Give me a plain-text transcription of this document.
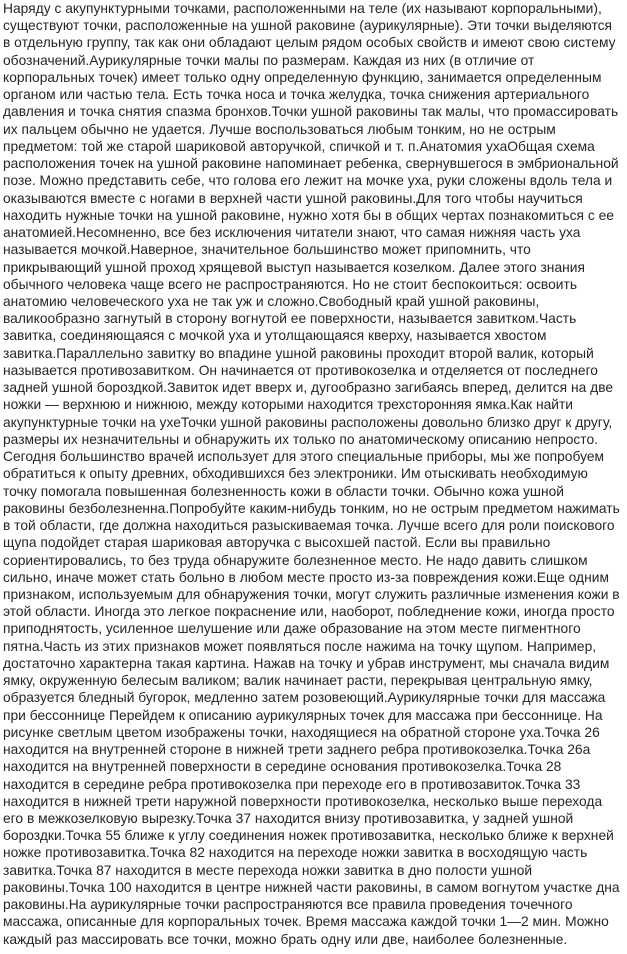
Наряду с акупунктурными точками, расположенными на теле (их называют корпоральными), существуют точки, расположенные на ушной раковине (аурикулярные). Эти точки выделяются в отдельную группу, так как они обладают целым рядом особых свойств и имеют свою систему обозначений.Аурикулярные точки малы по размерам. Каждая из них (в отличие от корпоральных точек) имеет только одну определенную функцию, занимается определенным органом или частью тела. Есть точка носа и точка желудка, точка снижения артериального давления и точка снятия спазма бронхов.Точки ушной раковины так малы, что промассировать их пальцем обычно не удается. Лучше воспользоваться любым тонким, но не острым предметом: той же старой шариковой авторучкой, спичкой и т. п.Анатомия ухаОбщая схема расположения точек на ушной раковине напоминает ребенка, свернувшегося в эмбриональной позе. Можно представить себе, что голова его лежит на мочке уха, руки сложены вдоль тела и оказываются вместе с ногами в верхней части ушной раковины.Для того чтобы научиться находить нужные точки на ушной раковине, нужно хотя бы в общих чертах познакомиться с ее анатомией.Несомненно, все без исключения читатели знают, что самая нижняя часть уха называется мочкой.Наверное, значительное большинство может припомнить, что прикрывающий ушной проход хрящевой выступ называется козелком. Далее этого знания обычного человека чаще всего не распространяются. Но не стоит беспокоиться: освоить анатомию человеческого уха не так уж и сложно.Свободный край ушной раковины, валикообразно загнутый в сторону вогнутой ее поверхности, называется завитком.Часть завитка, соединяющаяся с мочкой уха и утолщающаяся кверху, называется хвостом завитка.Параллельно завитку во впадине ушной раковины проходит второй валик, который называется противозавитком. Он начинается от противокозелка и отделяется от последнего задней ушной бороздкой.Завиток идет вверх и, дугообразно загибаясь вперед, делится на две ножки — верхнюю и нижнюю, между которыми находится трехсторонняя ямка.Как найти акупунктурные точки на ухеТочки ушной раковины расположены довольно близко друг к другу, размеры их незначительны и обнаружить их только по анатомическому описанию непросто. Сегодня большинство врачей использует для этого специальные приборы, мы же попробуем обратиться к опыту древних, обходившихся без электроники. Им отыскивать необходимую точку помогала повышенная болезненность кожи в области точки. Обычно кожа ушной раковины безболезненна.Попробуйте каким-нибудь тонким, но не острым предметом нажимать в той области, где должна находиться разыскиваемая точка. Лучше всего для роли поискового щупа подойдет старая шариковая авторучка с высохшей пастой. Если вы правильно сориентировались, то без труда обнаружите болезненное место. Не надо давить слишком сильно, иначе может стать больно в любом месте просто из-за повреждения кожи.Еще одним признаком, используемым для обнаружения точки, могут служить различные изменения кожи в этой области. Иногда это легкое покраснение или, наоборот, побледнение кожи, иногда просто приподнятость, усиленное шелушение или даже образование на этом месте пигментного пятна.Часть из этих признаков может появляться после нажима на точку щупом. Например, достаточно характерна такая картина. Нажав на точку и убрав инструмент, мы сначала видим ямку, окруженную белесым валиком; валик начинает расти, перекрывая центральную ямку, образуется бледный бугорок, медленно затем розовеющий.Аурикулярные точки для массажа при бессоннице Перейдем к описанию аурикулярных точек для массажа при бессоннице. На рисунке светлым цветом изображены точки, находящиеся на обратной стороне уха.Точка 26 находится на внутренней стороне в нижней трети заднего ребра противокозелка.Точка 26а находится на внутренней поверхности в середине основания противокозелка.Точка 28 находится в середине ребра противокозелка при переходе его в противозавиток.Точка 33 находится в нижней трети наружной поверхности противокозелка, несколько выше перехода его в межкозелковую вырезку.Точка 37 находится внизу противозавитка, у задней ушной бороздки.Точка 55 ближе к углу соединения ножек противозавитка, несколько ближе к верхней ножке противозавитка.Точка 82 находится на переходе ножки завитка в восходящую часть завитка.Точка 87 находится в месте перехода ножки завитка в дно полости ушной раковины.Точка 100 находится в центре нижней части раковины, в самом вогнутом участке дна раковины.На аурикулярные точки распространяются все правила проведения точечного массажа, описанные для корпоральных точек. Время массажа каждой точки 1—2 мин. Можно каждый раз массировать все точки, можно брать одну или две, наиболее болезненные.
